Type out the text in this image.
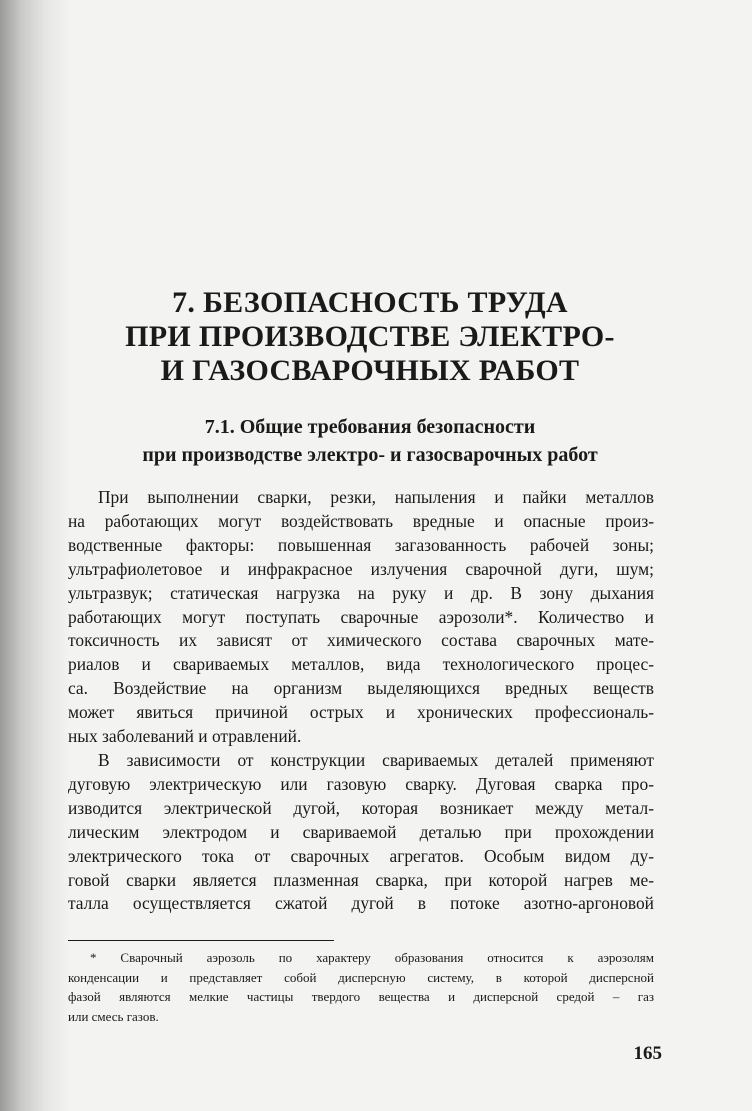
7. БЕЗОПАСНОСТЬ ТРУДА
ПРИ ПРОИЗВОДСТВЕ ЭЛЕКТРО-
И ГАЗОСВАРОЧНЫХ РАБОТ
7.1. Общие требования безопасности
при производстве электро- и газосварочных работ
При выполнении сварки, резки, напыления и пайки металлов
на работающих могут воздействовать вредные и опасные произ-
водственные факторы: повышенная загазованность рабочей зоны;
ультрафиолетовое и инфракрасное излучения сварочной дуги, шум;
ультразвук; статическая нагрузка на руку и др. В зону дыхания
работающих могут поступать сварочные аэрозоли*. Количество и
токсичность их зависят от химического состава сварочных мате-
риалов и свариваемых металлов, вида технологического процес-
са. Воздействие на организм выделяющихся вредных веществ
может явиться причиной острых и хронических профессиональ-
ных заболеваний и отравлений.
В зависимости от конструкции свариваемых деталей применяют
дуговую электрическую или газовую сварку. Дуговая сварка про-
изводится электрической дугой, которая возникает между метал-
лическим электродом и свариваемой деталью при прохождении
электрического тока от сварочных агрегатов. Особым видом ду-
говой сварки является плазменная сварка, при которой нагрев ме-
талла осуществляется сжатой дугой в потоке азотно-аргоновой
* Сварочный аэрозоль по характеру образования относится к аэрозолям
конденсации и представляет собой дисперсную систему, в которой дисперсной
фазой являются мелкие частицы твердого вещества и дисперсной средой – газ
или смесь газов.
165
